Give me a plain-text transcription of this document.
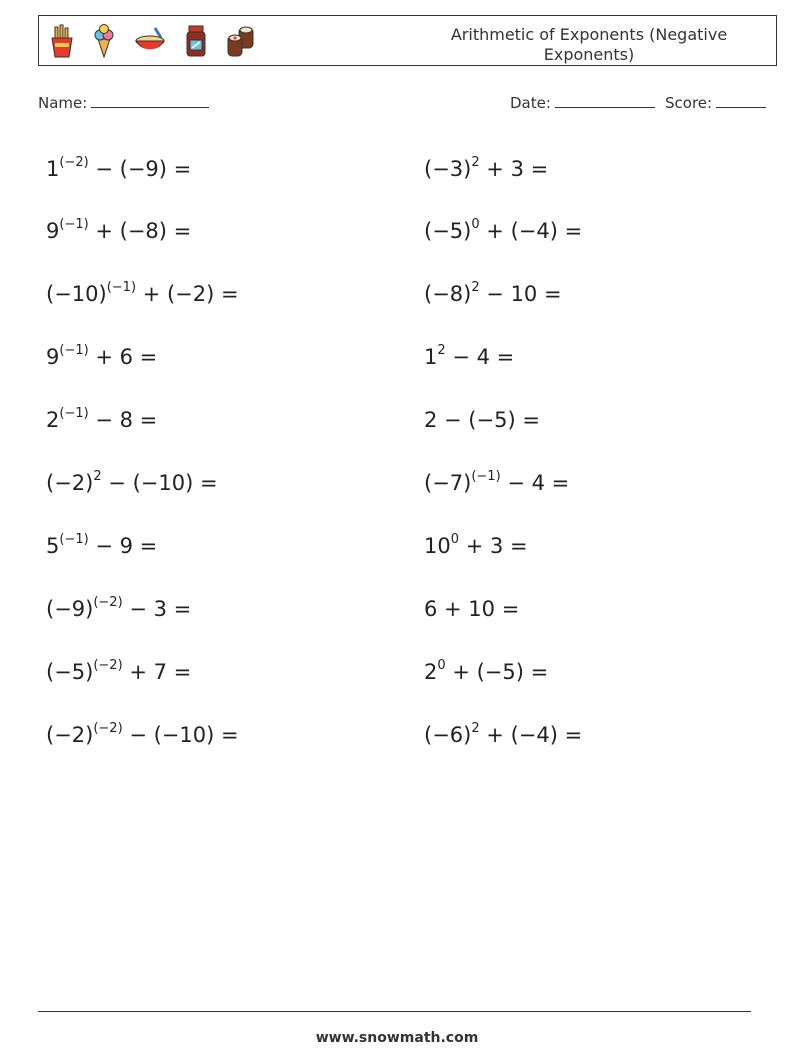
Arithmetic of Exponents (Negative Exponents)
Name:	Date:	Score:
$1^{(-2)} - (-9)$ =
$9^{(-1)} + (-8)$ =
$(-10)^{(-1)} + (-2)$ =
$9^{(-1)} + 6$ =
$2^{(-1)} - 8$ =
$(-2)^2 - (-10)$ =
$5^{(-1)} - 9$ =
$(-9)^{(-2)} - 3$ =
$(-5)^{(-2)} + 7$ =
$(-2)^{(-2)} - (-10)$ =
$(-3)^2 + 3$ =
$(-5)^0 + (-4)$ =
$(-8)^2 - 10$ =
$1^2 - 4$ =
2 − (−5) =
$(-7)^{(-1)} - 4$ =
$10^0 + 3$ =
6 + 10 =
$2^0 + (-5)$ =
$(-6)^2 + (-4)$ =
www.snowmath.com
